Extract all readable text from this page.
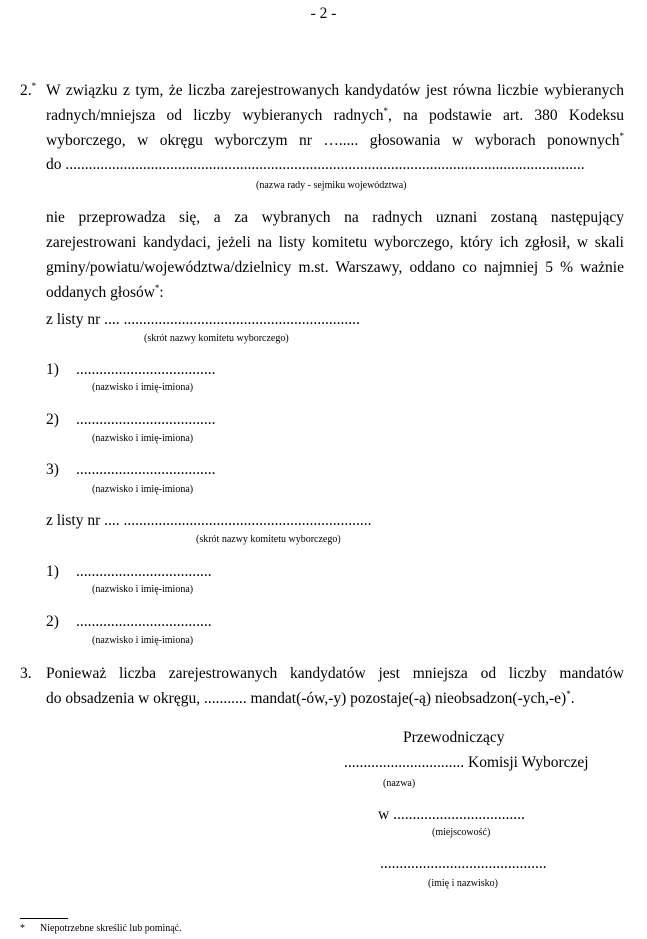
- 2 -
2.* W związku z tym, że liczba zarejestrowanych kandydatów jest równa liczbie wybieranych
radnych/mniejsza od liczby wybieranych radnych*, na podstawie art. 380 Kodeksu
wyborczego, w okręgu wyborczym nr …..... głosowania w wyborach ponownych*
do ......................................................................................................................................
(nazwa rady - sejmiku województwa)
nie przeprowadza się, a za wybranych na radnych uznani zostaną następujący
zarejestrowani kandydaci, jeżeli na listy komitetu wyborczego, który ich zgłosił, w skali
gminy/powiatu/województwa/dzielnicy m.st. Warszawy, oddano co najmniej 5 % ważnie
oddanych głosów*:
z listy nr .... .............................................................
(skrót nazwy komitetu wyborczego)
1) ....................................
(nazwisko i imię-imiona)
2) ....................................
(nazwisko i imię-imiona)
3) ....................................
(nazwisko i imię-imiona)
z listy nr .... ................................................................
(skrót nazwy komitetu wyborczego)
1) ...................................
(nazwisko i imię-imiona)
2) ...................................
(nazwisko i imię-imiona)
3. Ponieważ liczba zarejestrowanych kandydatów jest mniejsza od liczby mandatów
do obsadzenia w okręgu, ........... mandat(-ów,-y) pozostaje(-ą) nieobsadzon(-ych,-e)*.
Przewodniczący
............................... Komisji Wyborczej
(nazwa)
w ..................................
(miejscowość)
...........................................
(imię i nazwisko)
* Niepotrzebne skreślić lub pominąć.
